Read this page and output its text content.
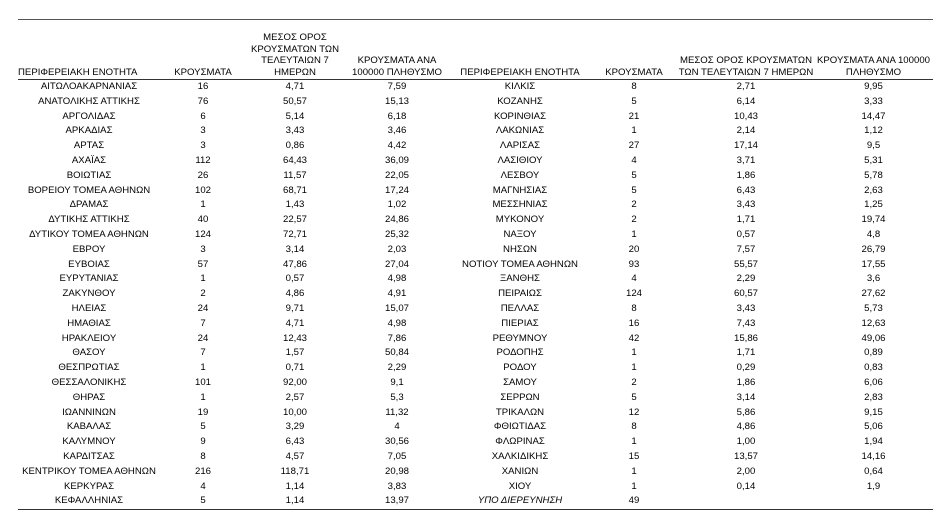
ΠΕΡΙΦΕΡΕΙΑΚΗ ΕΝΟΤΗΤΑ	ΚΡΟΥΣΜΑΤΑ	ΜΕΣΟΣ ΟΡΟΣ ΚΡΟΥΣΜΑΤΩΝ ΤΩΝ ΤΕΛΕΥΤΑΙΩΝ 7 ΗΜΕΡΩΝ	ΚΡΟΥΣΜΑΤΑ ΑΝΑ 100000 ΠΛΗΘΥΣΜΟ	ΠΕΡΙΦΕΡΕΙΑΚΗ ΕΝΟΤΗΤΑ	ΚΡΟΥΣΜΑΤΑ	ΜΕΣΟΣ ΟΡΟΣ ΚΡΟΥΣΜΑΤΩΝ ΤΩΝ ΤΕΛΕΥΤΑΙΩΝ 7 ΗΜΕΡΩΝ	ΚΡΟΥΣΜΑΤΑ ΑΝΑ 100000 ΠΛΗΘΥΣΜΟ
ΑΙΤΩΛΟΑΚΑΡΝΑΝΙΑΣ	16	4,71	7,59	ΚΙΛΚΙΣ	8	2,71	9,95
ΑΝΑΤΟΛΙΚΗΣ ΑΤΤΙΚΗΣ	76	50,57	15,13	ΚΟΖΑΝΗΣ	5	6,14	3,33
ΑΡΓΟΛΙΔΑΣ	6	5,14	6,18	ΚΟΡΙΝΘΙΑΣ	21	10,43	14,47
ΑΡΚΑΔΙΑΣ	3	3,43	3,46	ΛΑΚΩΝΙΑΣ	1	2,14	1,12
ΑΡΤΑΣ	3	0,86	4,42	ΛΑΡΙΣΑΣ	27	17,14	9,5
ΑΧΑΪΑΣ	112	64,43	36,09	ΛΑΣΙΘΙΟΥ	4	3,71	5,31
ΒΟΙΩΤΙΑΣ	26	11,57	22,05	ΛΕΣΒΟΥ	5	1,86	5,78
ΒΟΡΕΙΟΥ ΤΟΜΕΑ ΑΘΗΝΩΝ	102	68,71	17,24	ΜΑΓΝΗΣΙΑΣ	5	6,43	2,63
ΔΡΑΜΑΣ	1	1,43	1,02	ΜΕΣΣΗΝΙΑΣ	2	3,43	1,25
ΔΥΤΙΚΗΣ ΑΤΤΙΚΗΣ	40	22,57	24,86	ΜΥΚΟΝΟΥ	2	1,71	19,74
ΔΥΤΙΚΟΥ ΤΟΜΕΑ ΑΘΗΝΩΝ	124	72,71	25,32	ΝΑΞΟΥ	1	0,57	4,8
ΕΒΡΟΥ	3	3,14	2,03	ΝΗΣΩΝ	20	7,57	26,79
ΕΥΒΟΙΑΣ	57	47,86	27,04	ΝΟΤΙΟΥ ΤΟΜΕΑ ΑΘΗΝΩΝ	93	55,57	17,55
ΕΥΡΥΤΑΝΙΑΣ	1	0,57	4,98	ΞΑΝΘΗΣ	4	2,29	3,6
ΖΑΚΥΝΘΟΥ	2	4,86	4,91	ΠΕΙΡΑΙΩΣ	124	60,57	27,62
ΗΛΕΙΑΣ	24	9,71	15,07	ΠΕΛΛΑΣ	8	3,43	5,73
ΗΜΑΘΙΑΣ	7	4,71	4,98	ΠΙΕΡΙΑΣ	16	7,43	12,63
ΗΡΑΚΛΕΙΟΥ	24	12,43	7,86	ΡΕΘΥΜΝΟΥ	42	15,86	49,06
ΘΑΣΟΥ	7	1,57	50,84	ΡΟΔΟΠΗΣ	1	1,71	0,89
ΘΕΣΠΡΩΤΙΑΣ	1	0,71	2,29	ΡΟΔΟΥ	1	0,29	0,83
ΘΕΣΣΑΛΟΝΙΚΗΣ	101	92,00	9,1	ΣΑΜΟΥ	2	1,86	6,06
ΘΗΡΑΣ	1	2,57	5,3	ΣΕΡΡΩΝ	5	3,14	2,83
ΙΩΑΝΝΙΝΩΝ	19	10,00	11,32	ΤΡΙΚΑΛΩΝ	12	5,86	9,15
ΚΑΒΑΛΑΣ	5	3,29	4	ΦΘΙΩΤΙΔΑΣ	8	4,86	5,06
ΚΑΛΥΜΝΟΥ	9	6,43	30,56	ΦΛΩΡΙΝΑΣ	1	1,00	1,94
ΚΑΡΔΙΤΣΑΣ	8	4,57	7,05	ΧΑΛΚΙΔΙΚΗΣ	15	13,57	14,16
ΚΕΝΤΡΙΚΟΥ ΤΟΜΕΑ ΑΘΗΝΩΝ	216	118,71	20,98	ΧΑΝΙΩΝ	1	2,00	0,64
ΚΕΡΚΥΡΑΣ	4	1,14	3,83	ΧΙΟΥ	1	0,14	1,9
ΚΕΦΑΛΛΗΝΙΑΣ	5	1,14	13,97	ΥΠΟ ΔΙΕΡΕΥΝΗΣΗ	49		
